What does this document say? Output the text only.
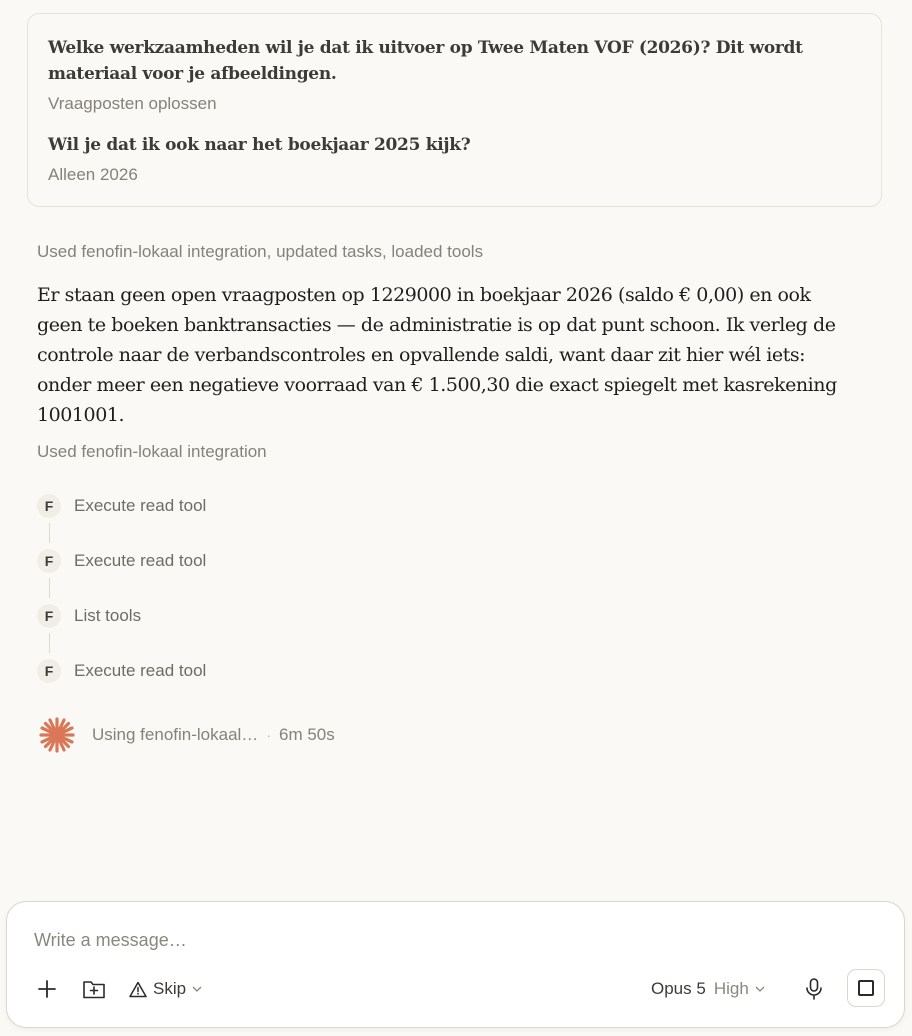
Welke werkzaamheden wil je dat ik uitvoer op Twee Maten VOF (2026)? Dit wordt materiaal voor je afbeeldingen.
Vraagposten oplossen
Wil je dat ik ook naar het boekjaar 2025 kijk?
Alleen 2026
Used fenofin-lokaal integration, updated tasks, loaded tools
Er staan geen open vraagposten op 1229000 in boekjaar 2026 (saldo € 0,00) en ook geen te boeken banktransacties — de administratie is op dat punt schoon. Ik verleg de controle naar de verbandscontroles en opvallende saldi, want daar zit hier wél iets: onder meer een negatieve voorraad van € 1.500,30 die exact spiegelt met kasrekening 1001001.
Used fenofin-lokaal integration
F	Execute read tool
F	Execute read tool
F	List tools
F	Execute read tool
Using fenofin-lokaal… · 6m 50s
Write a message…
Skip	Opus 5 High
